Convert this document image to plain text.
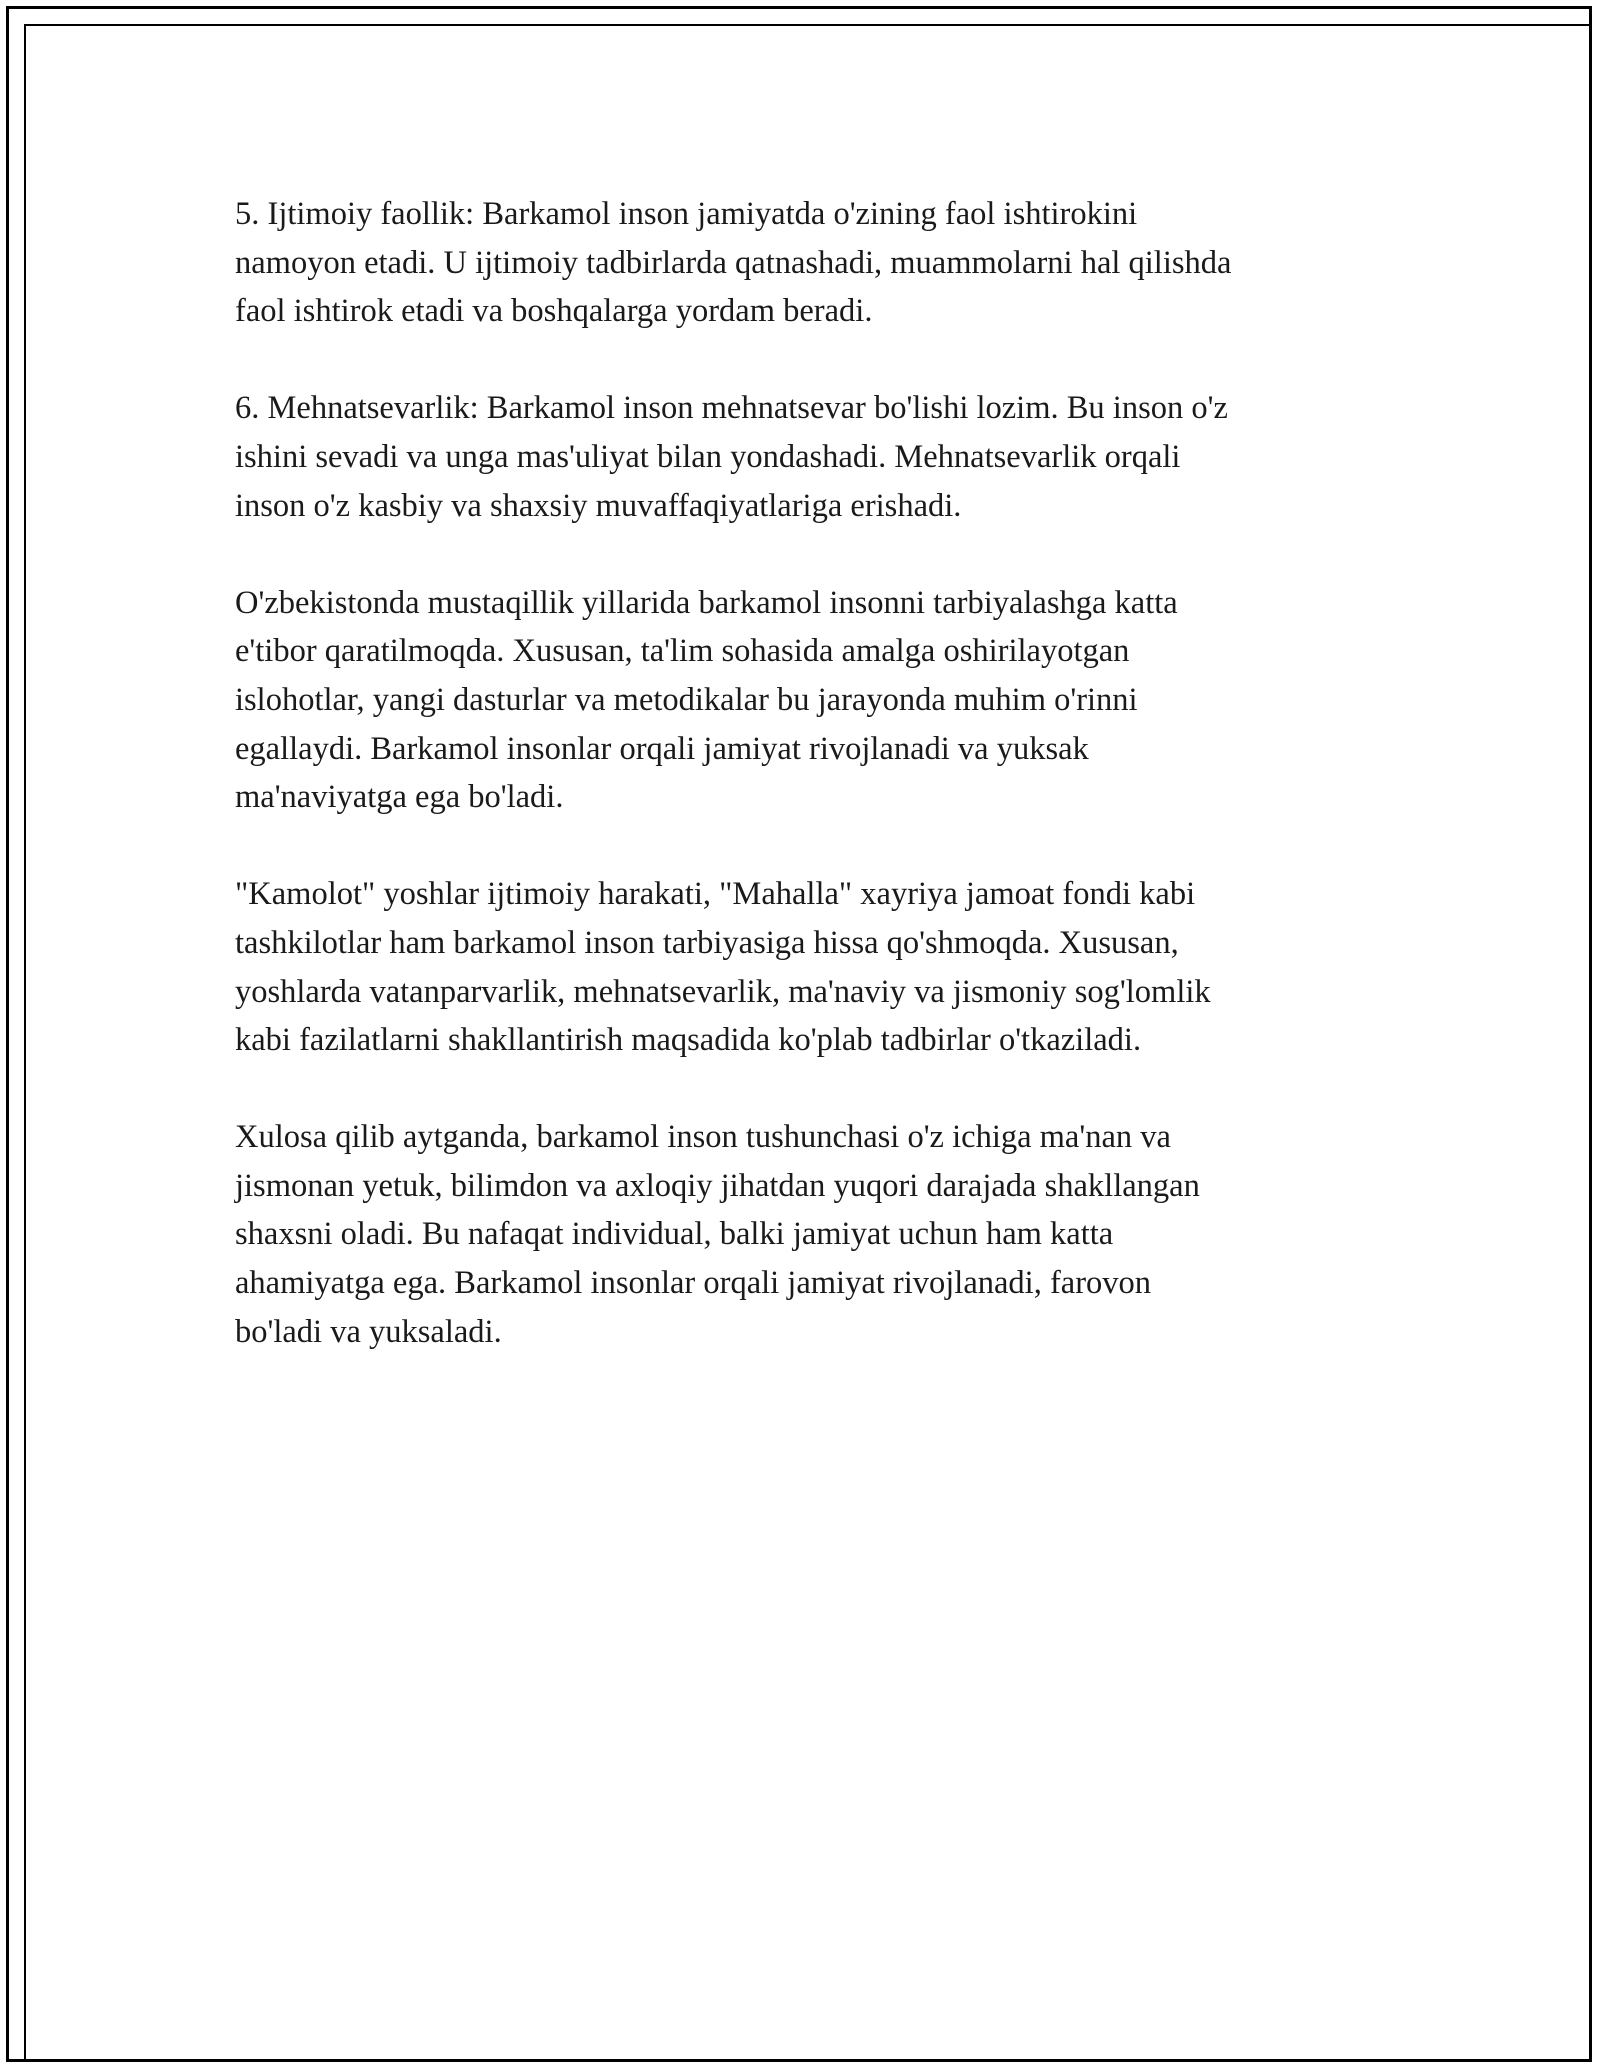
5. Ijtimoiy faollik: Barkamol inson jamiyatda o'zining faol ishtirokini
namoyon etadi. U ijtimoiy tadbirlarda qatnashadi, muammolarni hal qilishda
faol ishtirok etadi va boshqalarga yordam beradi.

6. Mehnatsevarlik: Barkamol inson mehnatsevar bo'lishi lozim. Bu inson o'z
ishini sevadi va unga mas'uliyat bilan yondashadi. Mehnatsevarlik orqali
inson o'z kasbiy va shaxsiy muvaffaqiyatlariga erishadi.

O'zbekistonda mustaqillik yillarida barkamol insonni tarbiyalashga katta
e'tibor qaratilmoqda. Xususan, ta'lim sohasida amalga oshirilayotgan
islohotlar, yangi dasturlar va metodikalar bu jarayonda muhim o'rinni
egallaydi. Barkamol insonlar orqali jamiyat rivojlanadi va yuksak
ma'naviyatga ega bo'ladi.

"Kamolot" yoshlar ijtimoiy harakati, "Mahalla" xayriya jamoat fondi kabi
tashkilotlar ham barkamol inson tarbiyasiga hissa qo'shmoqda. Xususan,
yoshlarda vatanparvarlik, mehnatsevarlik, ma'naviy va jismoniy sog'lomlik
kabi fazilatlarni shakllantirish maqsadida ko'plab tadbirlar o'tkaziladi.

Xulosa qilib aytganda, barkamol inson tushunchasi o'z ichiga ma'nan va
jismonan yetuk, bilimdon va axloqiy jihatdan yuqori darajada shakllangan
shaxsni oladi. Bu nafaqat individual, balki jamiyat uchun ham katta
ahamiyatga ega. Barkamol insonlar orqali jamiyat rivojlanadi, farovon
bo'ladi va yuksaladi.
